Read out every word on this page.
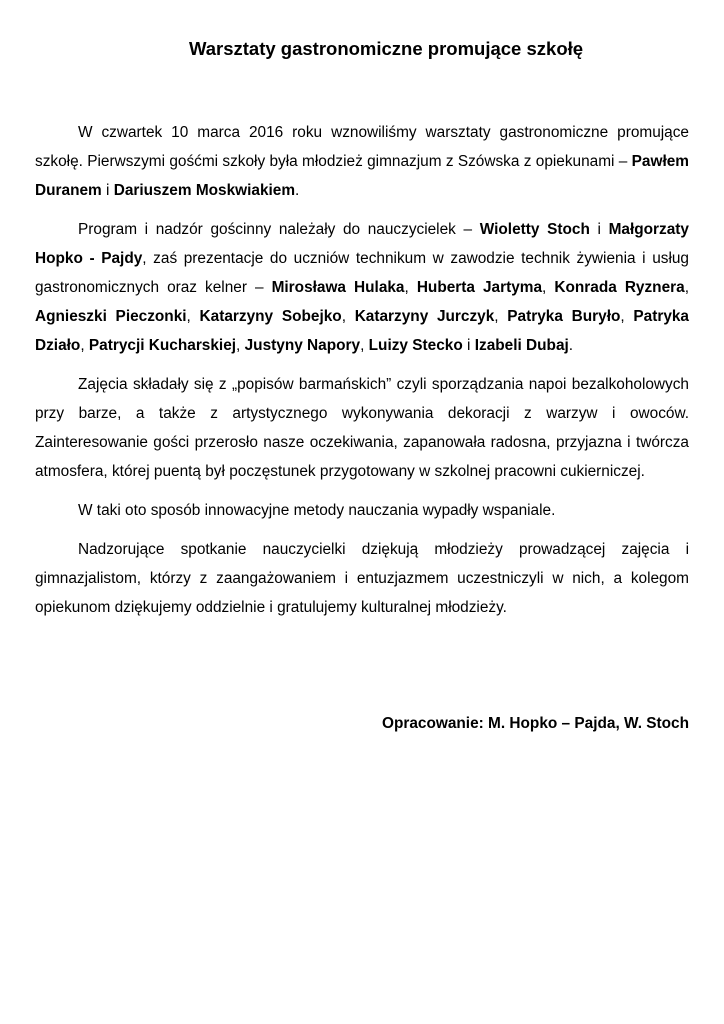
Warsztaty gastronomiczne promujące szkołę

W czwartek 10 marca 2016 roku wznowiliśmy warsztaty gastronomiczne promujące szkołę. Pierwszymi gośćmi szkoły była młodzież gimnazjum z Szówska z opiekunami – Pawłem Duranem i Dariuszem Moskwiakiem.

Program i nadzór gościnny należały do nauczycielek – Wioletty Stoch i Małgorzaty Hopko - Pajdy, zaś prezentacje do uczniów technikum w zawodzie technik żywienia i usług gastronomicznych oraz kelner – Mirosława Hulaka, Huberta Jartyma, Konrada Ryznera, Agnieszki Pieczonki, Katarzyny Sobejko, Katarzyny Jurczyk, Patryka Buryło, Patryka Działo, Patrycji Kucharskiej, Justyny Napory, Luizy Stecko i Izabeli Dubaj.

Zajęcia składały się z „popisów barmańskich” czyli sporządzania napoi bezalkoholowych przy barze, a także z artystycznego wykonywania dekoracji z warzyw i owoców. Zainteresowanie gości przerosło nasze oczekiwania, zapanowała radosna, przyjazna i twórcza atmosfera, której puentą był poczęstunek przygotowany w szkolnej pracowni cukierniczej.

W taki oto sposób innowacyjne metody nauczania wypadły wspaniale.

Nadzorujące spotkanie nauczycielki dziękują młodzieży prowadzącej zajęcia i gimnazjalistom, którzy z zaangażowaniem i entuzjazmem uczestniczyli w nich, a kolegom opiekunom dziękujemy oddzielnie i gratulujemy kulturalnej młodzieży.

Opracowanie: M. Hopko – Pajda, W. Stoch
